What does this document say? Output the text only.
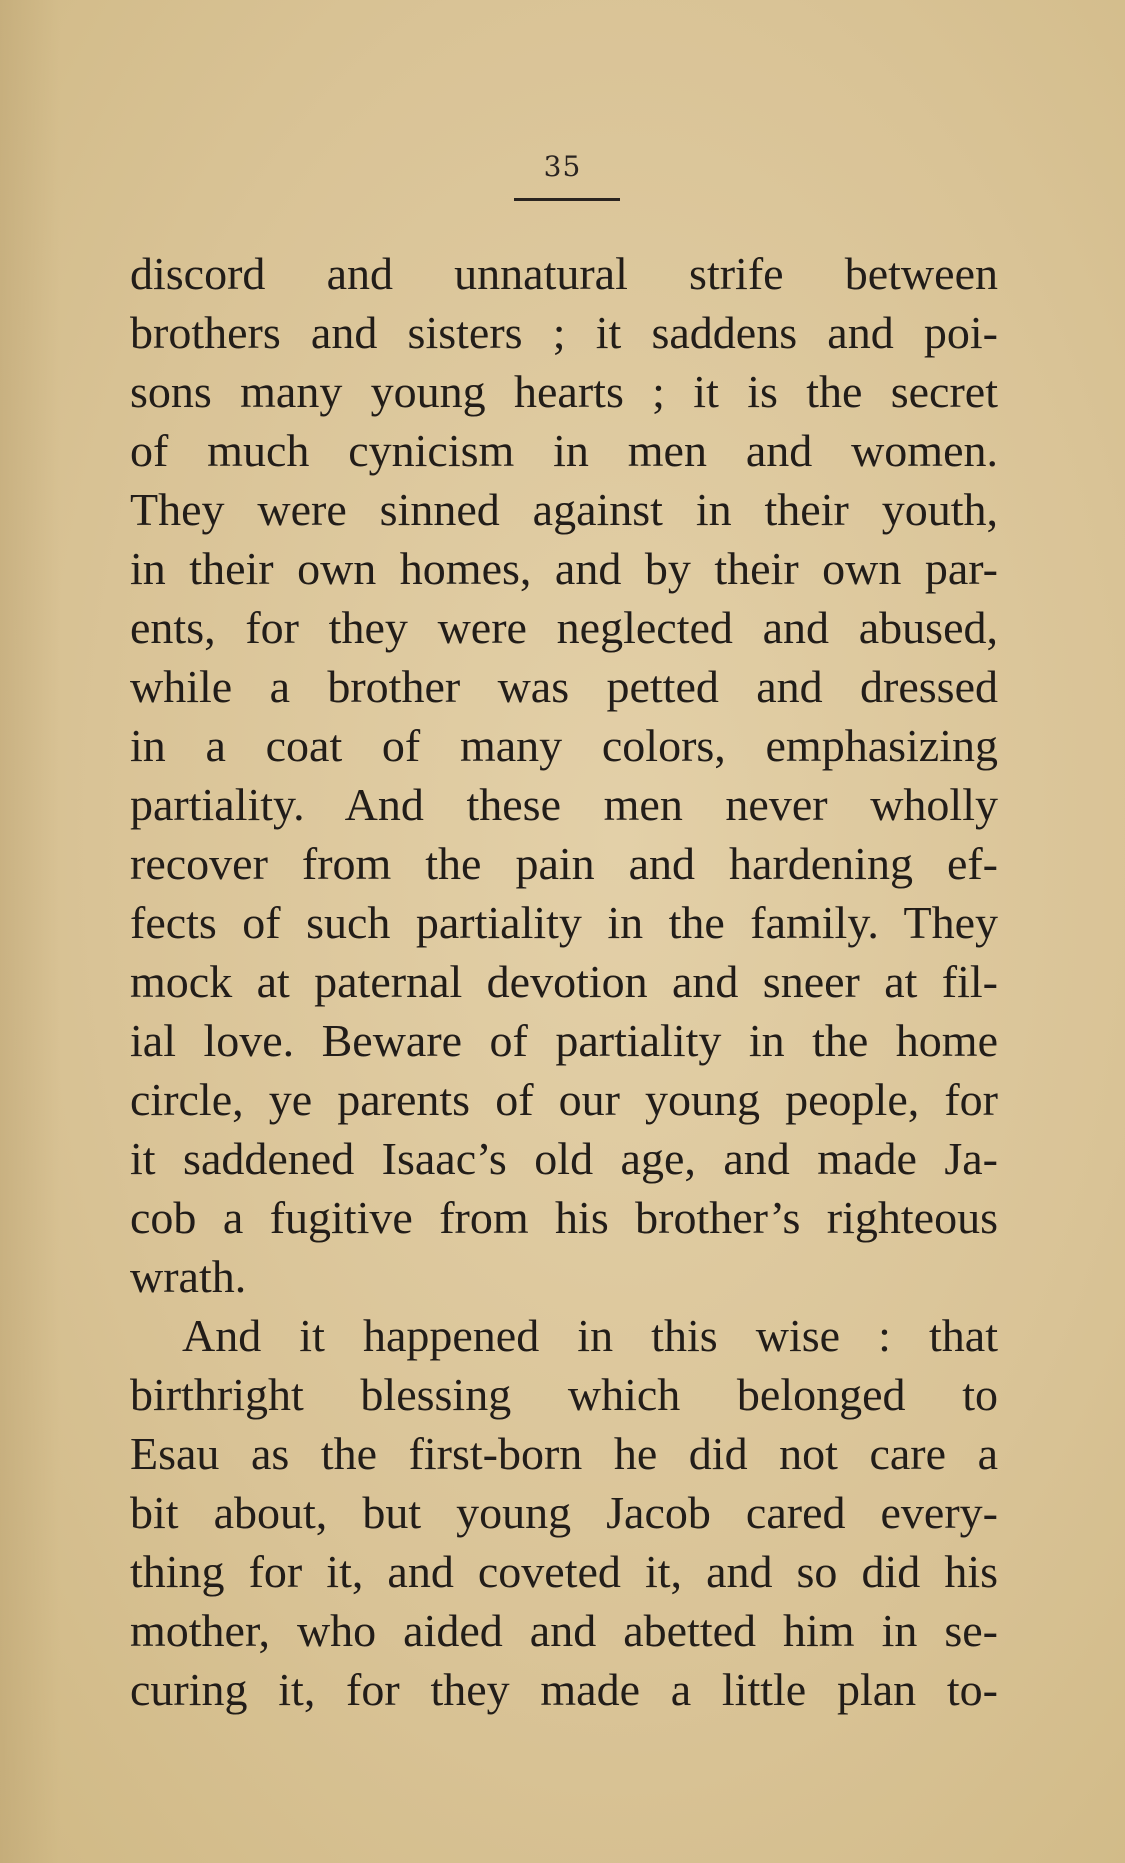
35
discord and unnatural strife between
brothers and sisters ; it saddens and poi-
sons many young hearts ; it is the secret
of much cynicism in men and women.
They were sinned against in their youth,
in their own homes, and by their own par-
ents, for they were neglected and abused,
while a brother was petted and dressed
in a coat of many colors, emphasizing
partiality. And these men never wholly
recover from the pain and hardening ef-
fects of such partiality in the family. They
mock at paternal devotion and sneer at fil-
ial love. Beware of partiality in the home
circle, ye parents of our young people, for
it saddened Isaac’s old age, and made Ja-
cob a fugitive from his brother’s righteous
wrath.
And it happened in this wise : that
birthright blessing which belonged to
Esau as the first-born he did not care a
bit about, but young Jacob cared every-
thing for it, and coveted it, and so did his
mother, who aided and abetted him in se-
curing it, for they made a little plan to-
